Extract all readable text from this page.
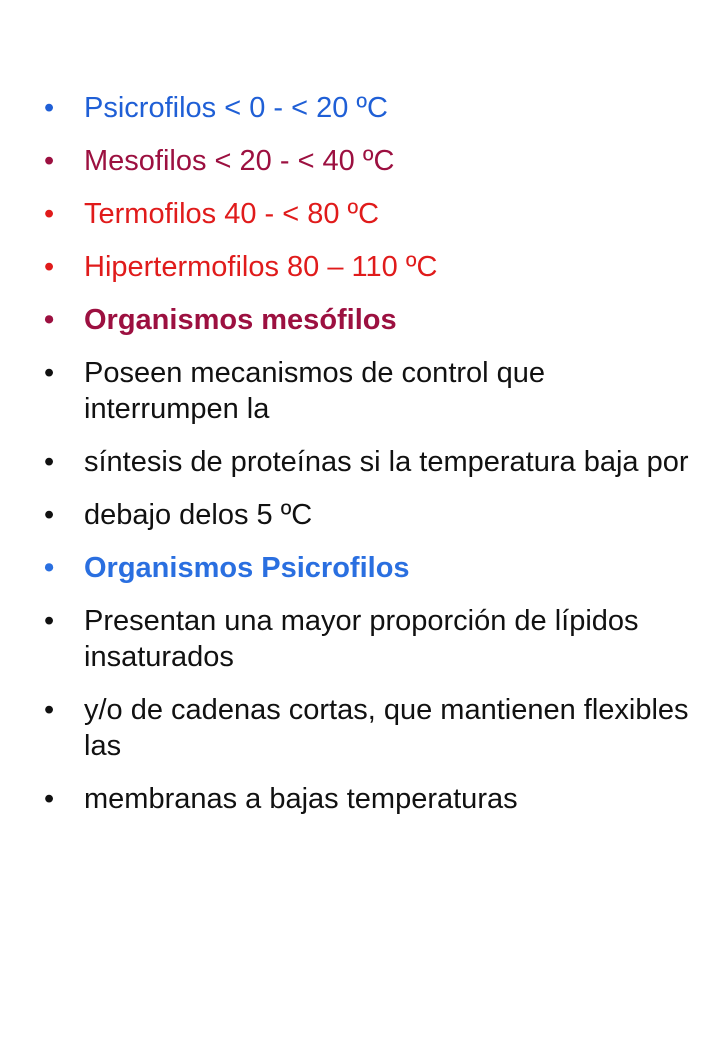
• Psicrofilos < 0 - < 20 ºC
• Mesofilos < 20 - < 40 ºC
• Termofilos 40 - < 80 ºC
• Hipertermofilos 80 – 110 ºC
• Organismos mesófilos
• Poseen mecanismos de control que interrumpen la
• síntesis de proteínas si la temperatura baja por
• debajo delos 5 ºC
• Organismos Psicrofilos
• Presentan una mayor proporción de lípidos insaturados
• y/o de cadenas cortas, que mantienen flexibles las
• membranas a bajas temperaturas
